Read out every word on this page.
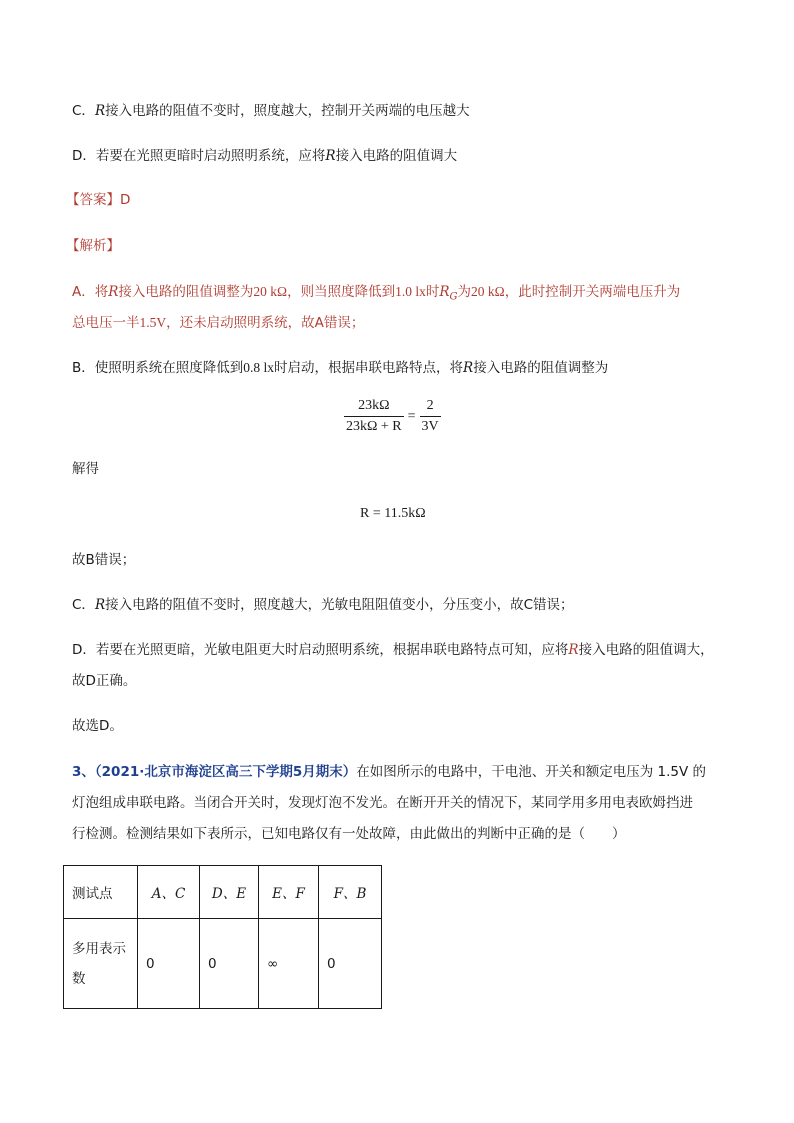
C．R接入电路的阻值不变时，照度越大，控制开关两端的电压越大
D．若要在光照更暗时启动照明系统，应将R接入电路的阻值调大
【答案】D
【解析】
A．将R接入电路的阻值调整为20 kΩ，则当照度降低到1.0 lx时$R_G$为20 kΩ，此时控制开关两端电压升为
总电压一半1.5V，还未启动照明系统，故A错误；
B．使照明系统在照度降低到0.8 lx时启动，根据串联电路特点，将R接入电路的阻值调整为
$\frac{23k\Omega}{23k\Omega + R} = \frac{2}{3V}$
解得
R = 11.5kΩ
故B错误；
C．R接入电路的阻值不变时，照度越大，光敏电阻阻值变小，分压变小，故C错误；
D．若要在光照更暗，光敏电阻更大时启动照明系统，根据串联电路特点可知，应将R接入电路的阻值调大，
故D正确。
故选D。
3、（2021·北京市海淀区高三下学期5月期末）在如图所示的电路中，干电池、开关和额定电压为 1.5V 的
灯泡组成串联电路。当闭合开关时，发现灯泡不发光。在断开开关的情况下，某同学用多用电表欧姆挡进
行检测。检测结果如下表所示，已知电路仅有一处故障，由此做出的判断中正确的是（　　）
测试点	A、C	D、E	E、F	F、B
多用表示
数	0	0	∞	0
